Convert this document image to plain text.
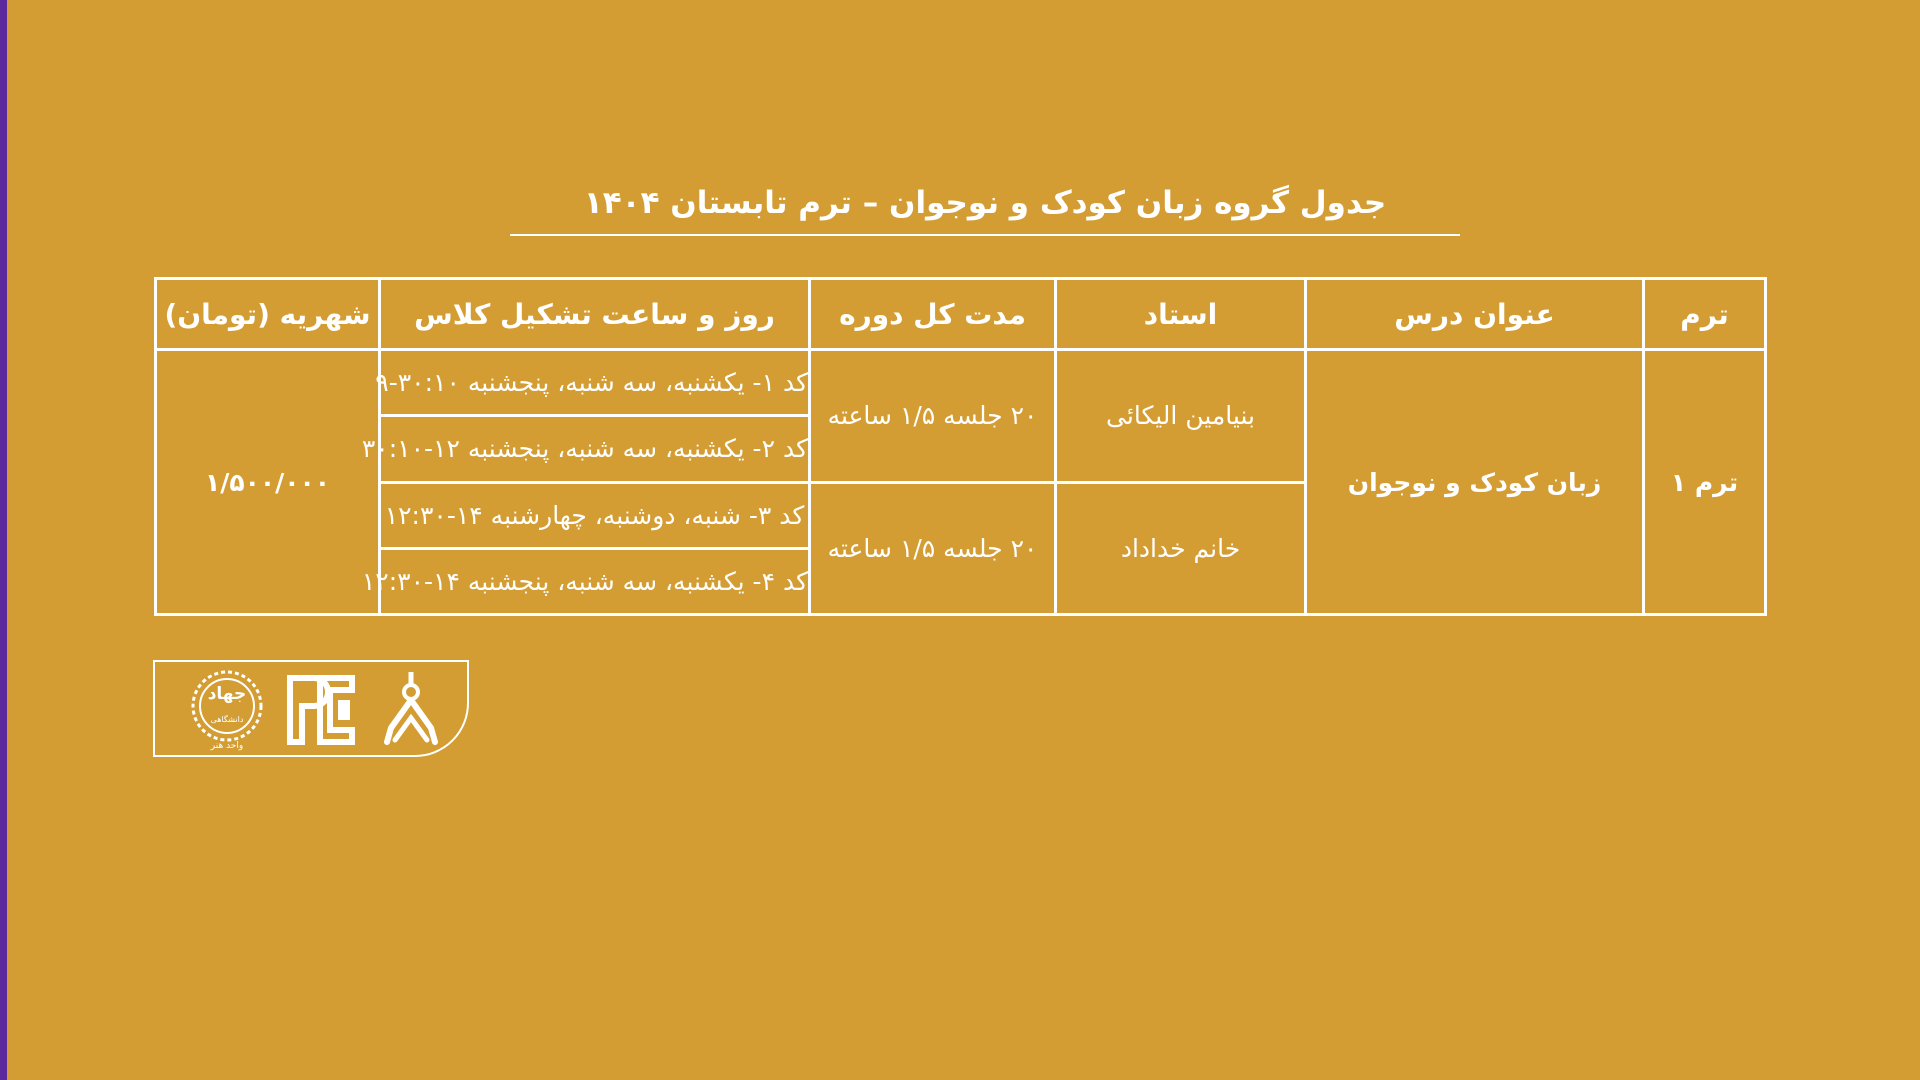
جدول گروه زبان کودک و نوجوان – ترم تابستان ۱۴۰۴
ترم	عنوان درس	استاد	مدت کل دوره	روز و ساعت تشکیل کلاس	شهریه (تومان)
ترم ۱	زبان کودک و نوجوان	بنیامین الیکائی	۲۰ جلسه ۱/۵ ساعته	کد ۱- یکشنبه، سه شنبه، پنجشنبه ۳۰:۱۰-۹	۱/۵۰۰/۰۰۰
				کد ۲- یکشنبه، سه شنبه، پنجشنبه ۱۲-۳۰:۱۰	
		خانم خداداد	۲۰ جلسه ۱/۵ ساعته	کد ۳- شنبه، دوشنبه، چهارشنبه ۱۴-۱۲:۳۰	
				کد ۴- یکشنبه، سه شنبه، پنجشنبه ۱۴-۱۲:۳۰	
دانشگاهی
واحد هنر
جهاد
